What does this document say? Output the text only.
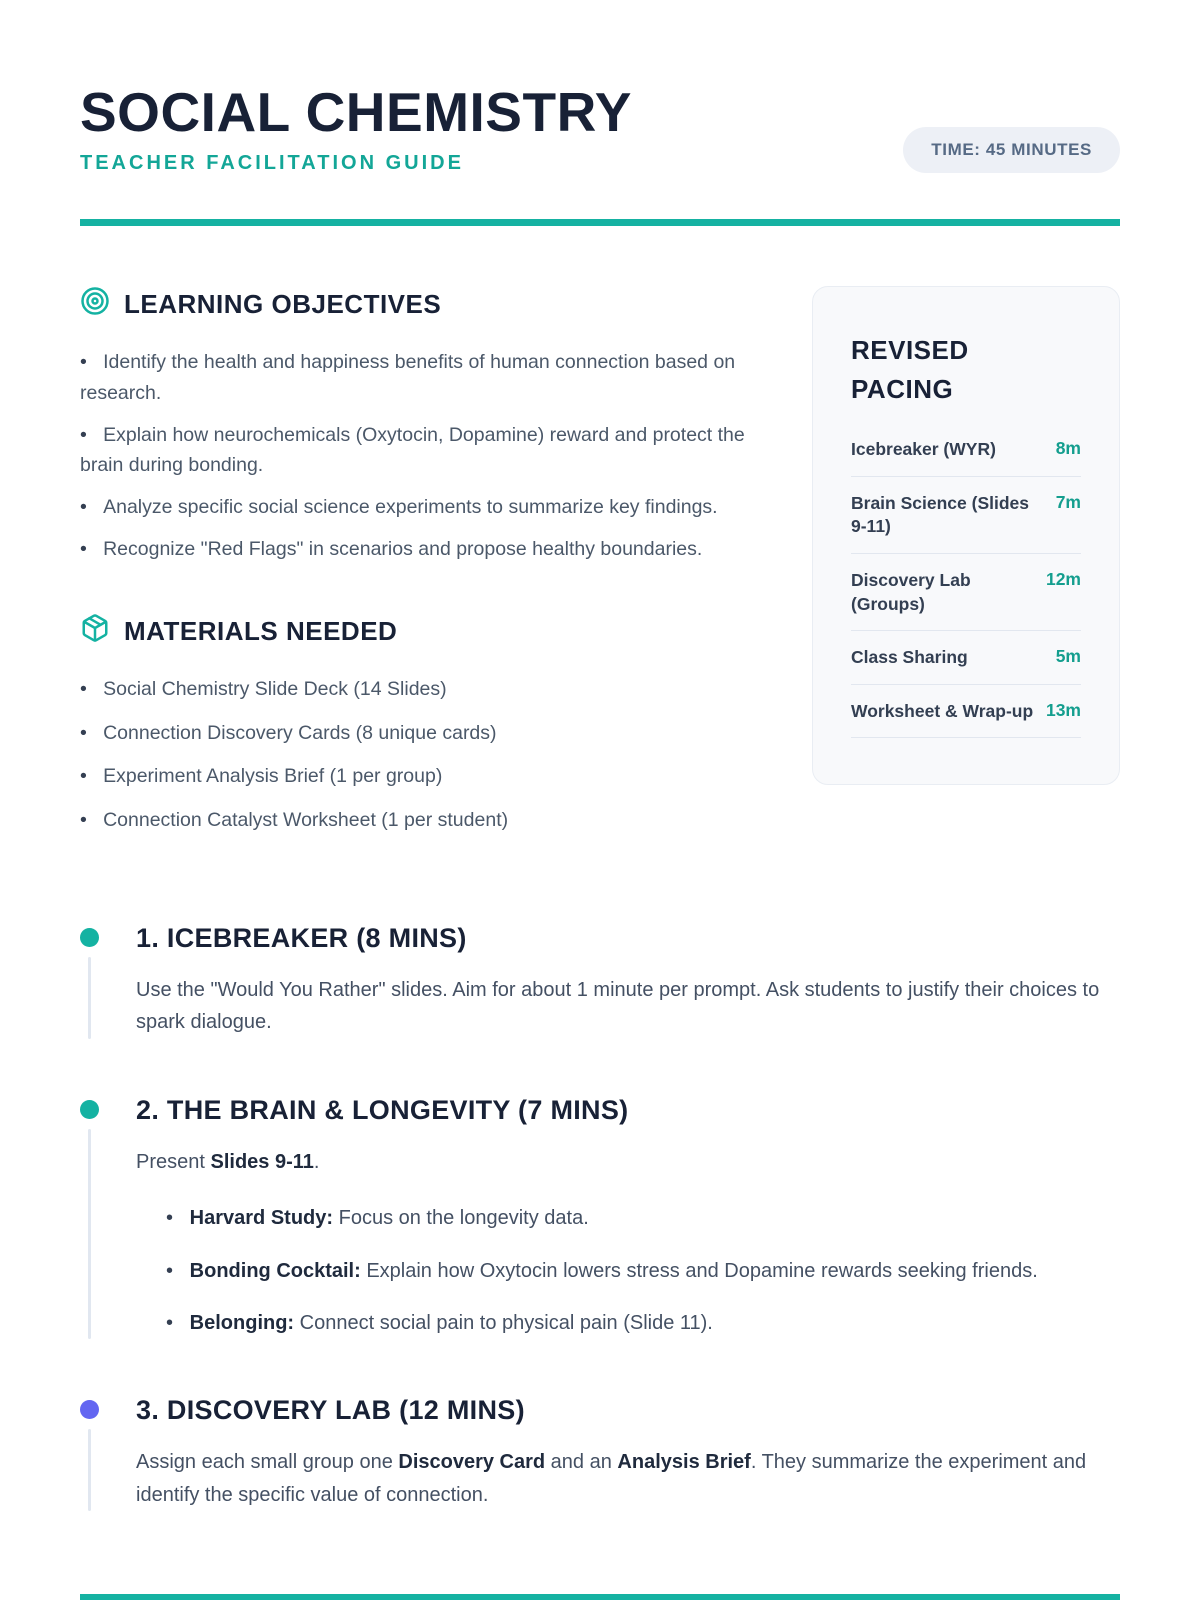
SOCIAL CHEMISTRY
TEACHER FACILITATION GUIDE
TIME: 45 MINUTES
LEARNING OBJECTIVES
•   Identify the health and happiness benefits of human connection based on research.
•   Explain how neurochemicals (Oxytocin, Dopamine) reward and protect the brain during bonding.
•   Analyze specific social science experiments to summarize key findings.
•   Recognize "Red Flags" in scenarios and propose healthy boundaries.
MATERIALS NEEDED
•   Social Chemistry Slide Deck (14 Slides)
•   Connection Discovery Cards (8 unique cards)
•   Experiment Analysis Brief (1 per group)
•   Connection Catalyst Worksheet (1 per student)
REVISED PACING
Icebreaker (WYR)	8m
Brain Science (Slides 9-11)
7m
Discovery Lab (Groups)
12m
Class Sharing	5m
Worksheet & Wrap-up 13m
1. ICEBREAKER (8 MINS)

Use the "Would You Rather" slides. Aim for about 1 minute per prompt. Ask students to justify their choices to spark dialogue.

2. THE BRAIN & LONGEVITY (7 MINS)

Present Slides 9-11.

•   Harvard Study: Focus on the longevity data.
•   Bonding Cocktail: Explain how Oxytocin lowers stress and Dopamine rewards seeking friends.
•   Belonging: Connect social pain to physical pain (Slide 11).
3. DISCOVERY LAB (12 MINS)

Assign each small group one Discovery Card and an Analysis Brief. They summarize the experiment and identify the specific value of connection.
